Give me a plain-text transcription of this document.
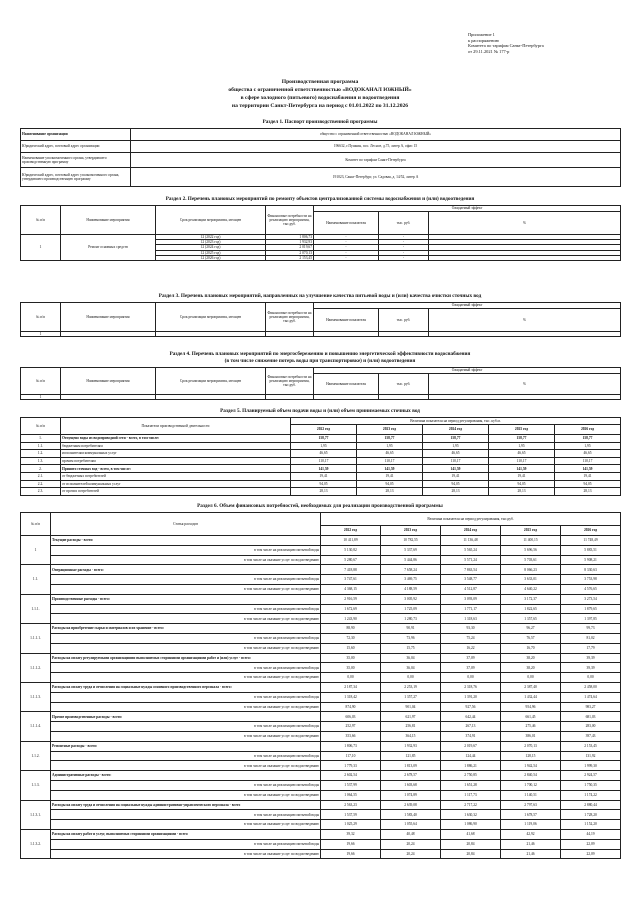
Приложение 1
к распоряжению
Комитета по тарифам Санкт-Петербурга
от 29.11.2021 № 177-р
Производственная программа
общества с ограниченной ответственностью «ВОДОКАНАЛ ЮЖНЫЙ»
в сфере холодного (питьевого) водоснабжения и водоотведения
на территории Санкт-Петербурга на период с 01.01.2022 по 31.12.2026
Раздел 1. Паспорт производственной программы
Наименование организации	общество с ограниченной ответственностью «ВОДОКАНАЛ ЮЖНЫЙ»
Юридический адрес, почтовый адрес организации	196632, г.Пушкин, пос. Лесное, д.75, литер А, офис 15
Наименование уполномоченного органа, утвердившего производственную программу	Комитет по тарифам Санкт-Петербурга
Юридический адрес, почтовый адрес уполномоченного органа, утвердившего производственную программу	191023, Санкт-Петербург, ул. Садовая, д. 14/52, литер А
Раздел 2. Перечень плановых мероприятий по ремонту объектов централизованной системы водоснабжения и (или) водоотведения
№ п/п	Наименование мероприятия	Срок реализации мероприятия, месяцев	Финансовые потребности на реализацию мероприятия, тыс.руб.	Ожидаемый эффект		
				Наименование показателя	тыс. руб.	%
1	Ремонт основных средств	12 (2022 год)	1 806,73	-	-	
		12 (2023 год)	1 932,93	-	-	
		12 (2024 год)	2 019,67	-	-	
		12 (2025 год)	2 070,13	-	-	
		12 (2026 год)	2 153,45	-	-	
Раздел 3. Перечень плановых мероприятий, направленных на улучшение качества питьевой воды и (или) качества очистки сточных вод
№ п/п	Наименование мероприятия	Срок реализации мероприятия, месяцев	Финансовые потребности на реализацию мероприятия, тыс.руб.	Ожидаемый эффект		
				Наименование показателя	тыс. руб.	%
1						
Раздел 4. Перечень плановых мероприятий по энергосбережению и повышению энергетической эффективности водоснабжения
(в том числе снижение потерь воды при транспортировке) и (или) водоотведения
№ п/п	Наименование мероприятия	Срок реализации мероприятия, месяцев	Финансовые потребности на реализацию мероприятия, тыс.руб.	Ожидаемый эффект		
				Наименование показателя	тыс. руб.	%
1						
Раздел 5. Планируемый объем подачи воды и (или) объем принимаемых сточных вод
№ п/п	Показатели производственной деятельности	Величина показателя на период регулирования, тыс. куб.м.				
		2022 год	2023 год	2024 год	2025 год	2026 год
1.	Отпущено воды из водопроводной сети - всего, в том числе:	158,77	158,77	158,77	158,77	158,77
1.1.	бюджетным потребителям	1,95	1,95	1,95	1,95	1,95
1.2.	исполнителям коммунальных услуг	46,65	46,65	46,65	46,65	46,65
1.3.	прочим потребителям	110,17	110,17	110,17	110,17	110,17
2.	Принято сточных вод - всего, в том числе:	141,59	141,59	141,59	141,59	141,59
2.1.	от бюджетных потребителей	19,41	19,41	19,41	19,41	19,41
2.2.	от исполнителей коммунальных услуг	94,05	94,05	94,05	94,05	94,05
2.3.	от прочих потребителей	28,13	28,13	28,13	28,13	28,13
Раздел 6. Объем финансовых потребностей, необходимых для реализации производственной программы
№ п/п	Статья расходов	Величина показателя на период регулирования, тыс.руб.				
		2022 год	2023 год	2024 год	2025 год	2026 год
1	Текущие расходы - всего:	10 411,89	10 782,55	11 136,48	11 400,15	11 748,49
	в том числе на реализацию питьевой воды	5 130,82	5 337,69	5 565,24	5 696,56	5 883,51
	в том числе на оказание услуг по водоотведению	5 280,67	5 444,86	5 571,24	5 703,61	5 908,21
1.1.	Операционные расходы - всего:	7 418,88	7 658,24	7 863,54	8 066,23	8 330,63
	в том числе на реализацию питьевой воды	3 747,61	3 469,75	3 548,77	3 633,01	3 753,98
	в том числе на оказание услуг по водоотведению	4 368,15	4 188,59	4 512,87	4 640,22	4 576,65
1.1.1.	Производственные расходы - всего:	2 916,59	3 005,92	3 093,09	3 172,37	3 273,54
	в том числе на реализацию питьевой воды	1 672,69	1 725,09	1 771,17	1 822,65	1 879,65
	в том числе на оказание услуг по водоотведению	1 243,90	1 280,73	1 318,63	1 357,65	1 397,85
1.1.1.1.	Расходы на приобретение сырья и материалов и их хранение - всего:	88,90	90,91	93,30	96,27	99,73
	в том числе на реализацию питьевой воды	72,30	73,96	75,24	76,57	81,02
	в том числе на оказание услуг по водоотведению	15,60	15,75	16,22	16,70	17,79
1.1.1.2.	Расходы на оплату регулируемыми организациями выполняемых сторонними организациями работ и (или) услуг - всего:	35,00	36,04	37,09	38,20	39,39
	в том числе на реализацию питьевой воды	35,00	36,04	37,09	38,20	39,39
	в том числе на оказание услуг по водоотведению	0,00	0,00	0,00	0,00	0,00
1.1.1.3.	Расходы на оплату труда и отчисления на социальные нужды основного производственного персонала - всего:	2 187,34	2 253,19	2 318,76	2 387,40	2 458,00
	в том числе на реализацию питьевой воды	1 318,42	1 357,27	1 391,20	1 432,44	1 474,64
	в том числе на оказание услуг по водоотведению	874,90	901,04	927,56	954,96	983,27
1.1.1.4.	Прочие производственные расходы - всего:	606,03	621,97	642,44	661,45	681,03
	в том числе на реализацию питьевой воды	252,97	256,81	267,13	275,46	283,00
	в том числе на оказание услуг по водоотведению	353,66	364,15	374,91	386,01	397,43
1.1.2.	Ремонтные расходы - всего:	1 806,73	1 932,93	2 019,67	2 070,13	2 153,45
	в том числе на реализацию питьевой воды	117,10	121,85	124,44	128,15	131,92
	в том числе на оказание услуг по водоотведению	1 779,33	1 813,09	1 886,21	1 942,54	1 999,30
1.1.3.	Административные расходы - всего:	2 602,54	2 678,57	2 750,85	2 840,54	2 924,57
	в том числе на реализацию питьевой воды	1 537,99	1 603,68	1 651,28	1 700,12	1 750,35
	в том числе на оказание услуг по водоотведению	1 064,55	1 074,89	1 117,73	1 140,51	1 174,22
1.1.3.1.	Расходы на оплату труда и отчисления на социальные нужды административно-управленческого персонала - всего	2 563,23	2 639,08	2 717,22	2 797,63	2 880,44
	в том числе на реализацию питьевой воды	1 537,59	1 583,40	1 630,32	1 678,57	1 728,20
	в том числе на оказание услуг по водоотведению	1 025,29	1 055,64	1 086,90	1 119,06	1 152,20
1.1.3.2.	Расходы на оплату работ и услуг, выполняемых сторонними организациями - всего	39,32	40,48	41,68	42,92	44,19
	в том числе на реализацию питьевой воды	19,66	20,24	20,84	21,46	22,09
	в том числе на оказание услуг по водоотведению	19,66	20,24	20,84	21,46	22,09
